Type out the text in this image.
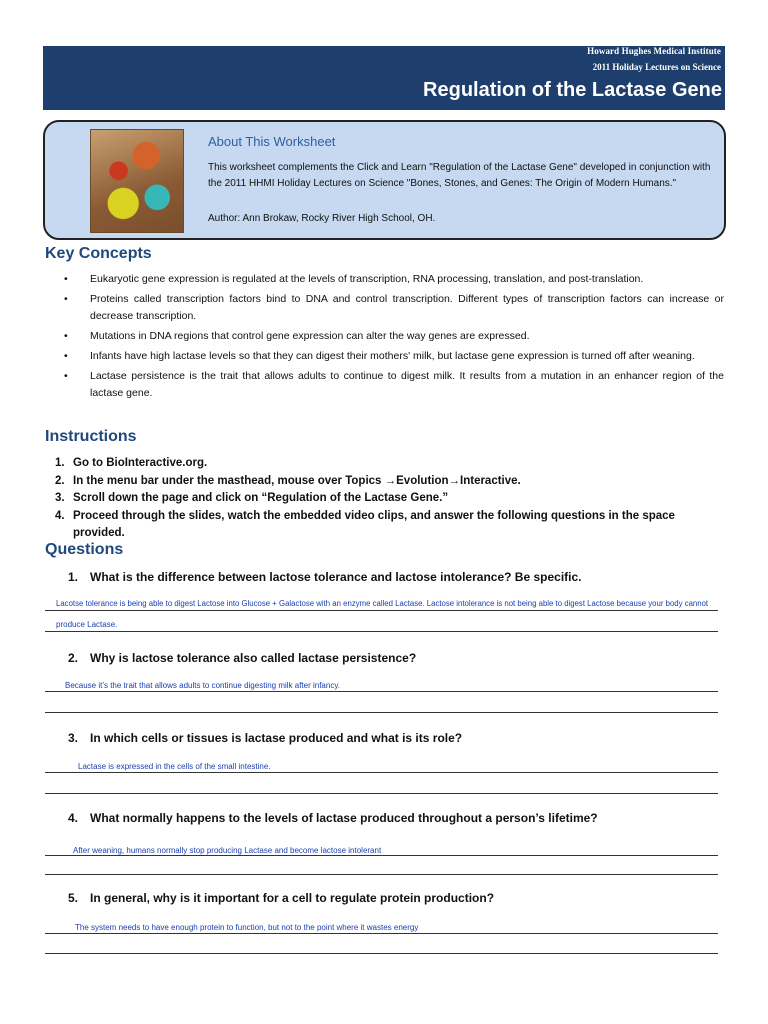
Howard Hughes Medical Institute
2011 Holiday Lectures on Science
Regulation of the Lactase Gene
About This Worksheet
This worksheet complements the Click and Learn "Regulation of the Lactase Gene" developed in conjunction with the 2011 HHMI Holiday Lectures on Science "Bones, Stones, and Genes: The Origin of Modern Humans."
Author: Ann Brokaw, Rocky River High School, OH.
Key Concepts
• Eukaryotic gene expression is regulated at the levels of transcription, RNA processing, translation, and post-translation.
• Proteins called transcription factors bind to DNA and control transcription. Different types of transcription factors can increase or decrease transcription.
• Mutations in DNA regions that control gene expression can alter the way genes are expressed.
• Infants have high lactase levels so that they can digest their mothers' milk, but lactase gene expression is turned off after weaning.
• Lactase persistence is the trait that allows adults to continue to digest milk. It results from a mutation in an enhancer region of the lactase gene.
Instructions
1. Go to BioInteractive.org.
2. In the menu bar under the masthead, mouse over Topics →Evolution→Interactive.
3. Scroll down the page and click on “Regulation of the Lactase Gene.”
4. Proceed through the slides, watch the embedded video clips, and answer the following questions in the space provided.
Questions
1. What is the difference between lactose tolerance and lactose intolerance? Be specific.
Lacotse tolerance is being able to digest Lactose into Glucose + Galactose with an enzyme called Lactase. Lactose intolerance is not being able to digest Lactose because your body cannot
produce Lactase.
2. Why is lactose tolerance also called lactase persistence?
Because it’s the trait that allows adults to continue digesting milk after infancy.
3. In which cells or tissues is lactase produced and what is its role?
Lactase is expressed in the cells of the small intestine.
4. What normally happens to the levels of lactase produced throughout a person’s lifetime?
After weaning, humans normally stop producing Lactase and become lactose intolerant
5. In general, why is it important for a cell to regulate protein production?
The system needs to have enough protein to function, but not to the point where it wastes energy
